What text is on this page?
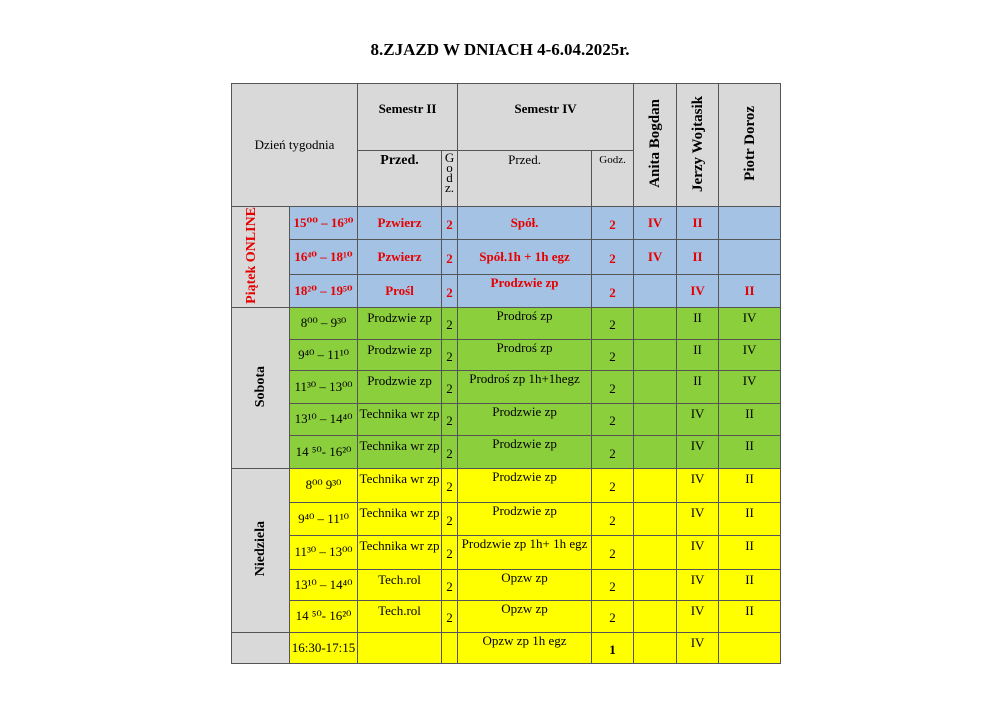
8.ZJAZD W DNIACH 4-6.04.2025r.
Dzień tygodnia		Semestr II		Semestr IV		Anita Bogdan	Jerzy Wojtasik	Piotr Doroz
		Przed.	G o d z.	Przed.	Godz.			
Piątek ONLINE	15⁰⁰ – 16³⁰	Pzwierz	2	Spół.	2	IV	II	
	16⁴⁰ – 18¹⁰	Pzwierz	2	Spół.1h + 1h egz	2	IV	II	
	18²⁰ – 19⁵⁰	Prośl	2	Prodzwie zp	2		IV	II
Sobota	8⁰⁰ – 9³⁰	Prodzwie zp	2	Prodroś zp	2		II	IV
	9⁴⁰ – 11¹⁰	Prodzwie zp	2	Prodroś zp	2		II	IV
	11³⁰ – 13⁰⁰	Prodzwie zp	2	Prodroś zp 1h+1hegz	2		II	IV
	13¹⁰ – 14⁴⁰	Technika wr zp	2	Prodzwie zp	2		IV	II
	14 ⁵⁰- 16²⁰	Technika wr zp	2	Prodzwie zp	2		IV	II
Niedziela	8⁰⁰ 9³⁰	Technika wr zp	2	Prodzwie zp	2		IV	II
	9⁴⁰ – 11¹⁰	Technika wr zp	2	Prodzwie zp	2		IV	II
	11³⁰ – 13⁰⁰	Technika wr zp	2	Prodzwie zp 1h+ 1h egz	2		IV	II
	13¹⁰ – 14⁴⁰	Tech.rol	2	Opzw zp	2		IV	II
	14 ⁵⁰- 16²⁰	Tech.rol	2	Opzw zp	2		IV	II
	16:30-17:15			Opzw zp 1h egz	1		IV	
